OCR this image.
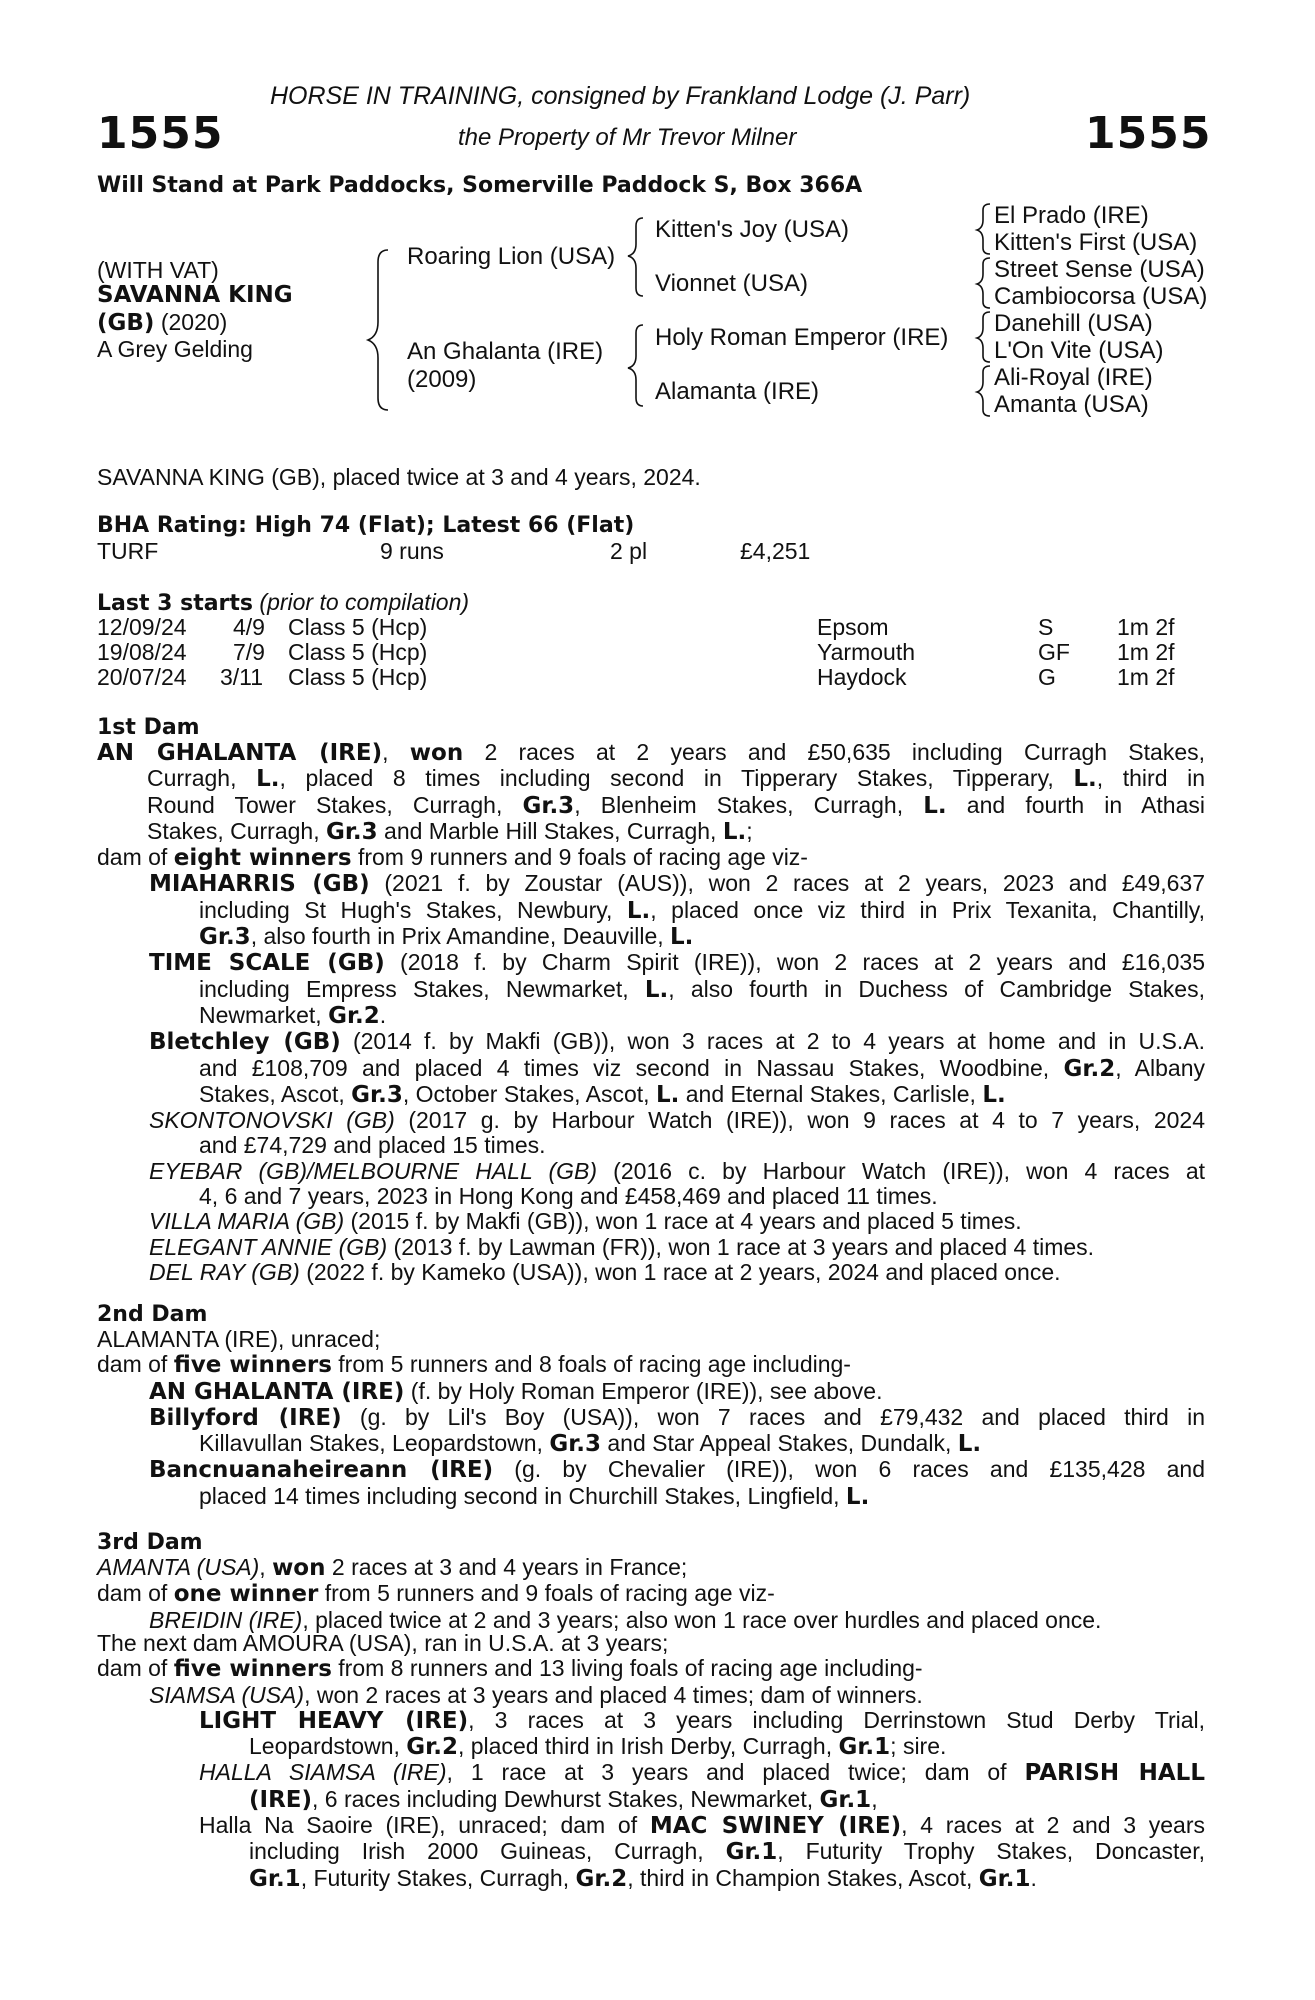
HORSE IN TRAINING, consigned by Frankland Lodge (J. Parr)
1555	the Property of Mr Trevor Milner	1555
Will Stand at Park Paddocks, Somerville Paddock S, Box 366A
(WITH VAT)
SAVANNA KING
(GB) (2020)
A Grey Gelding
Roaring Lion (USA)
An Ghalanta (IRE)
(2009)
Kitten's Joy (USA)
Vionnet (USA)
Holy Roman Emperor (IRE)
Alamanta (IRE)
El Prado (IRE)
Kitten's First (USA)
Street Sense (USA)
Cambiocorsa (USA)
Danehill (USA)
L'On Vite (USA)
Ali-Royal (IRE)
Amanta (USA)
SAVANNA KING (GB), placed twice at 3 and 4 years, 2024.
BHA Rating: High 74 (Flat); Latest 66 (Flat)
TURF	9 runs	2 pl	£4,251
Last 3 starts (prior to compilation)
12/09/24 4/9 Class 5 (Hcp)	Epsom	S	1m 2f
19/08/24 7/9 Class 5 (Hcp)	Yarmouth	GF 1m 2f
20/07/24 3/11 Class 5 (Hcp)	Haydock	G	1m 2f
1st Dam
AN GHALANTA (IRE), won 2 races at 2 years and £50,635 including Curragh Stakes,
Curragh, L., placed 8 times including second in Tipperary Stakes, Tipperary, L., third in
Round Tower Stakes, Curragh, Gr.3, Blenheim Stakes, Curragh, L. and fourth in Athasi
Stakes, Curragh, Gr.3 and Marble Hill Stakes, Curragh, L.;
dam of eight winners from 9 runners and 9 foals of racing age viz-
MIAHARRIS (GB) (2021 f. by Zoustar (AUS)), won 2 races at 2 years, 2023 and £49,637
including St Hugh's Stakes, Newbury, L., placed once viz third in Prix Texanita, Chantilly,
Gr.3, also fourth in Prix Amandine, Deauville, L.
TIME SCALE (GB) (2018 f. by Charm Spirit (IRE)), won 2 races at 2 years and £16,035
including Empress Stakes, Newmarket, L., also fourth in Duchess of Cambridge Stakes,
Newmarket, Gr.2.
Bletchley (GB) (2014 f. by Makfi (GB)), won 3 races at 2 to 4 years at home and in U.S.A.
and £108,709 and placed 4 times viz second in Nassau Stakes, Woodbine, Gr.2, Albany
Stakes, Ascot, Gr.3, October Stakes, Ascot, L. and Eternal Stakes, Carlisle, L.
SKONTONOVSKI (GB) (2017 g. by Harbour Watch (IRE)), won 9 races at 4 to 7 years, 2024
and £74,729 and placed 15 times.
EYEBAR (GB)/MELBOURNE HALL (GB) (2016 c. by Harbour Watch (IRE)), won 4 races at
4, 6 and 7 years, 2023 in Hong Kong and £458,469 and placed 11 times.
VILLA MARIA (GB) (2015 f. by Makfi (GB)), won 1 race at 4 years and placed 5 times.
ELEGANT ANNIE (GB) (2013 f. by Lawman (FR)), won 1 race at 3 years and placed 4 times.
DEL RAY (GB) (2022 f. by Kameko (USA)), won 1 race at 2 years, 2024 and placed once.
2nd Dam
ALAMANTA (IRE), unraced;
dam of five winners from 5 runners and 8 foals of racing age including-
AN GHALANTA (IRE) (f. by Holy Roman Emperor (IRE)), see above.
Billyford (IRE) (g. by Lil's Boy (USA)), won 7 races and £79,432 and placed third in
Killavullan Stakes, Leopardstown, Gr.3 and Star Appeal Stakes, Dundalk, L.
Bancnuanaheireann (IRE) (g. by Chevalier (IRE)), won 6 races and £135,428 and
placed 14 times including second in Churchill Stakes, Lingfield, L.
3rd Dam
AMANTA (USA), won 2 races at 3 and 4 years in France;
dam of one winner from 5 runners and 9 foals of racing age viz-
BREIDIN (IRE), placed twice at 2 and 3 years; also won 1 race over hurdles and placed once.
The next dam AMOURA (USA), ran in U.S.A. at 3 years;
dam of five winners from 8 runners and 13 living foals of racing age including-
SIAMSA (USA), won 2 races at 3 years and placed 4 times; dam of winners.
LIGHT HEAVY (IRE), 3 races at 3 years including Derrinstown Stud Derby Trial,
Leopardstown, Gr.2, placed third in Irish Derby, Curragh, Gr.1; sire.
HALLA SIAMSA (IRE), 1 race at 3 years and placed twice; dam of PARISH HALL
(IRE), 6 races including Dewhurst Stakes, Newmarket, Gr.1,
Halla Na Saoire (IRE), unraced; dam of MAC SWINEY (IRE), 4 races at 2 and 3 years
including Irish 2000 Guineas, Curragh, Gr.1, Futurity Trophy Stakes, Doncaster,
Gr.1, Futurity Stakes, Curragh, Gr.2, third in Champion Stakes, Ascot, Gr.1.
